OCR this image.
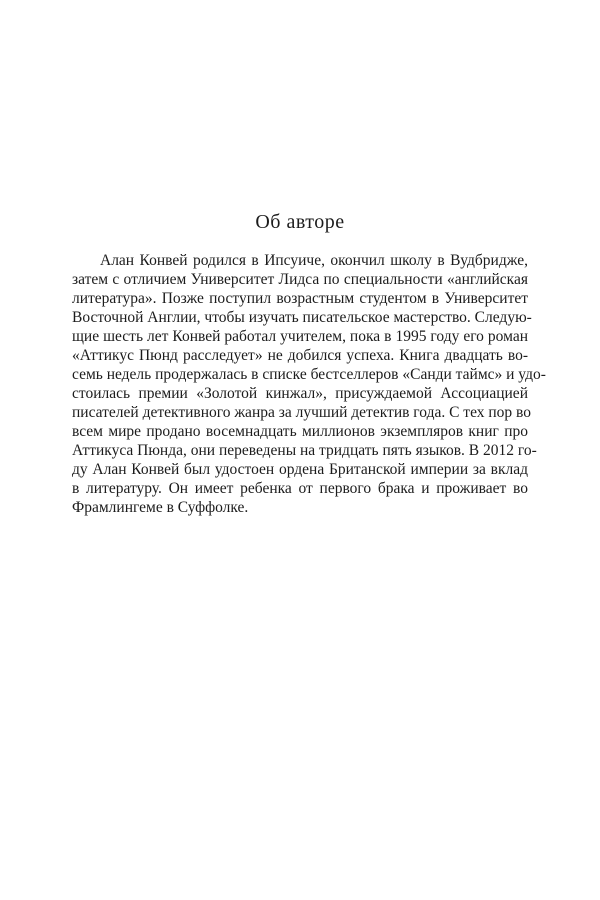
Об авторе
Алан Конвей родился в Ипсуиче, окончил школу в Вудбридже,
затем с отличием Университет Лидса по специальности «английская
литература». Позже поступил возрастным студентом в Университет
Восточной Англии, чтобы изучать писательское мастерство. Следую-
щие шесть лет Конвей работал учителем, пока в 1995 году его роман
«Аттикус Пюнд расследует» не добился успеха. Книга двадцать во-
семь недель продержалась в списке бестселлеров «Санди таймс» и удо-
стоилась премии «Золотой кинжал», присуждаемой Ассоциацией
писателей детективного жанра за лучший детектив года. С тех пор во
всем мире продано восемнадцать миллионов экземпляров книг про
Аттикуса Пюнда, они переведены на тридцать пять языков. В 2012 го-
ду Алан Конвей был удостоен ордена Британской империи за вклад
в литературу. Он имеет ребенка от первого брака и проживает во
Фрамлингеме в Суффолке.
